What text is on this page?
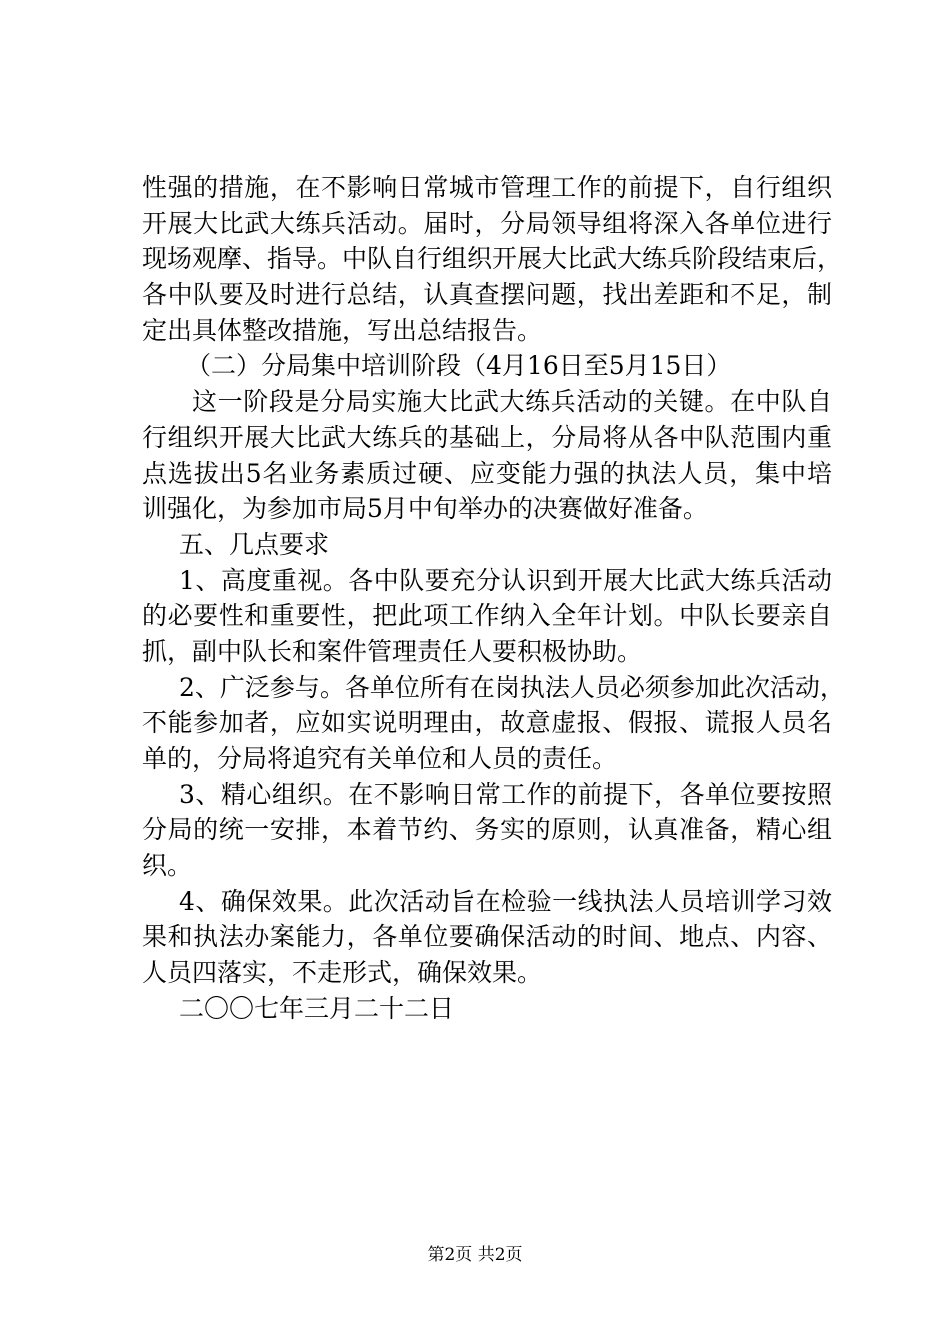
性强的措施，在不影响日常城市管理工作的前提下，自行组织
开展大比武大练兵活动。届时，分局领导组将深入各单位进行
现场观摩、指导。中队自行组织开展大比武大练兵阶段结束后，
各中队要及时进行总结，认真查摆问题，找出差距和不足，制
定出具体整改措施，写出总结报告。
（二）分局集中培训阶段（4月16日至5月15日）
这一阶段是分局实施大比武大练兵活动的关键。在中队自
行组织开展大比武大练兵的基础上，分局将从各中队范围内重
点选拔出5名业务素质过硬、应变能力强的执法人员，集中培
训强化，为参加市局5月中旬举办的决赛做好准备。
五、几点要求
1、高度重视。各中队要充分认识到开展大比武大练兵活动
的必要性和重要性，把此项工作纳入全年计划。中队长要亲自
抓，副中队长和案件管理责任人要积极协助。
2、广泛参与。各单位所有在岗执法人员必须参加此次活动，
不能参加者，应如实说明理由，故意虚报、假报、谎报人员名
单的，分局将追究有关单位和人员的责任。
3、精心组织。在不影响日常工作的前提下，各单位要按照
分局的统一安排，本着节约、务实的原则，认真准备，精心组
织。
4、确保效果。此次活动旨在检验一线执法人员培训学习效
果和执法办案能力，各单位要确保活动的时间、地点、内容、
人员四落实，不走形式，确保效果。
二〇〇七年三月二十二日
第2页 共2页
